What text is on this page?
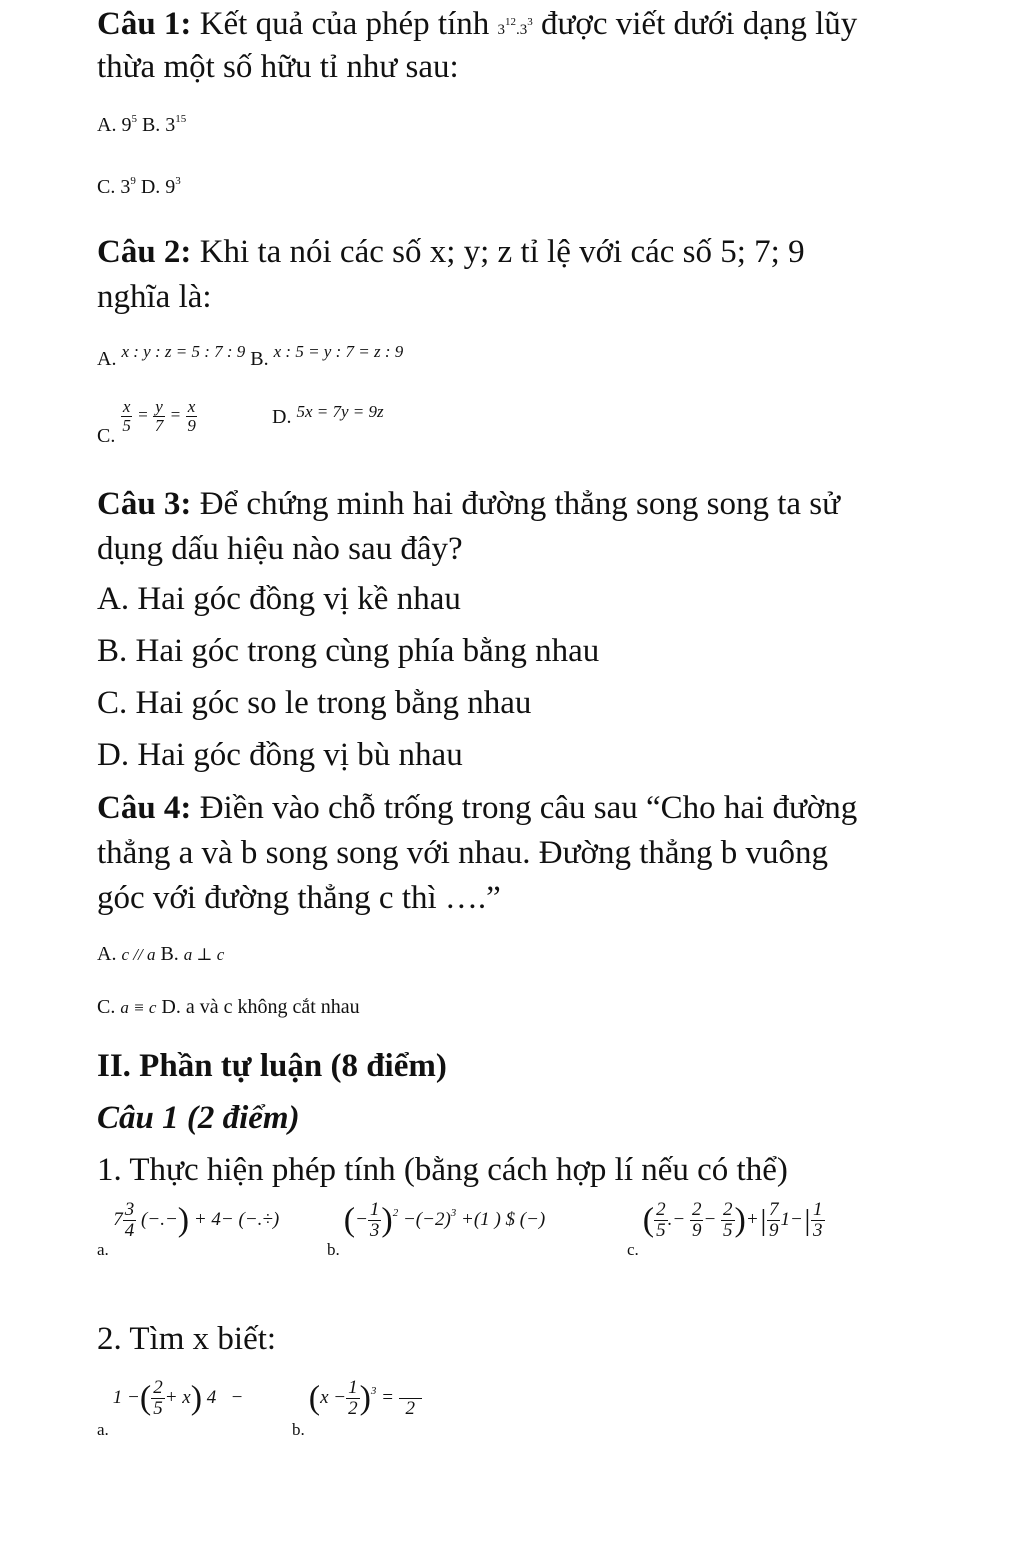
Câu 1: Kết quả của phép tính $3^{12}.3^3$ được viết dưới dạng lũy
thừa một số hữu tỉ như sau:
A. $9^5$ B. $3^{15}$
C. $3^9$ D. $9^3$
Câu 2: Khi ta nói các số x; y; z tỉ lệ với các số 5; 7; 9
nghĩa là:
A. x : y : z = 5 : 7 : 9 B. x : 5 = y : 7 = z : 9
C.
$\frac{x}{5} = \frac{y}{7} = \frac{x}{9}$	D. 5x = 7y = 9z
Câu 3: Để chứng minh hai đường thẳng song song ta sử
dụng dấu hiệu nào sau đây?
A. Hai góc đồng vị kề nhau
B. Hai góc trong cùng phía bằng nhau
C. Hai góc so le trong bằng nhau
D. Hai góc đồng vị bù nhau
Câu 4: Điền vào chỗ trống trong câu sau “Cho hai đường
thẳng a và b song song với nhau. Đường thẳng b vuông
góc với đường thẳng c thì ….”
A. c // a B. a ⊥ c
C. a ≡ c D. a và c không cắt nhau
II. Phần tự luận (8 điểm)
Câu 1 (2 điểm)
1. Thực hiện phép tính (bằng cách hợp lí nếu có thể)
a. $7 \frac{3}{4}$ (−.−) + 4− (−.÷)
b. (− $\frac{1}{3} )^2 -(-2)^3 +(1$ ) $ (−)
c. ( $\frac{2}{5}$ .− $\frac{2}{9} - \frac{2}{5}$ )+| $\frac{7}{9} 1-| \frac{1}{3}$
2. Tìm x biết:
a. 1 −( $\frac{2}{5} + x$) 4 −
b. $(x - \frac{1}{2} )^3$ =

2
